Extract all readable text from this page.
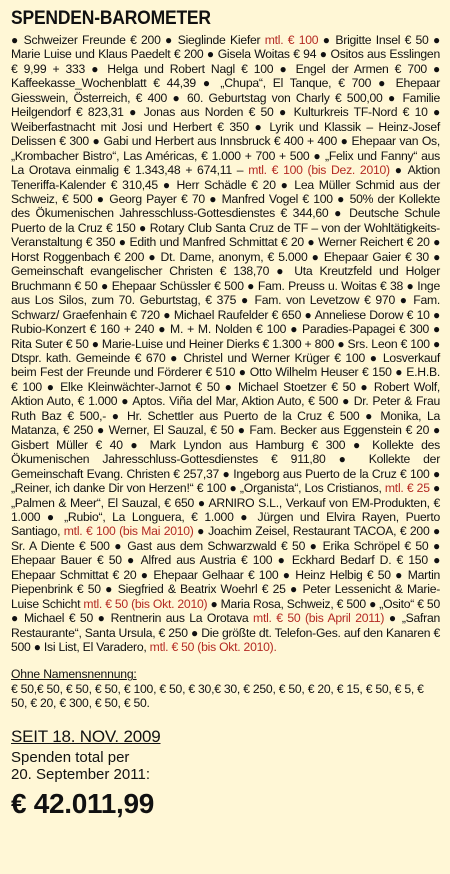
SPENDEN-BAROMETER
● Schweizer Freunde € 200 ● Sieglinde Kiefer mtl. € 100 ● Brigitte Insel € 50 ● Marie Luise und Klaus Paedelt € 200 ● Gisela Woitas € 94 ● Ositos aus Esslingen € 9,99 + 333 ● Helga und Robert Nagl € 100 ● Engel der Armen € 700 ● Kaffeekasse_Wochenblatt € 44,39 ● „Chupa“, El Tanque, € 700 ● Ehepaar Giesswein, Österreich, € 400 ● 60. Geburtstag von Charly € 500,00 ● Familie Heilgendorf € 823,31 ● Jonas aus Norden € 50 ● Kulturkreis TF-Nord € 10 ● Weiberfastnacht mit Josi und Herbert € 350 ● Lyrik und Klassik – Heinz-Josef Delissen € 300 ● Gabi und Herbert aus Innsbruck € 400 + 400 ● Ehepaar van Os, „Krombacher Bistro“, Las Américas, € 1.000 + 700 + 500 ● „Felix und Fanny“ aus La Orotava einmalig € 1.343,48 + 674,11 – mtl. € 100 (bis Dez. 2010) ● Aktion Teneriffa-Kalender € 310,45 ● Herr Schädle € 20 ● Lea Müller Schmid aus der Schweiz, € 500 ● Georg Payer € 70 ● Manfred Vogel € 100 ● 50% der Kollekte des Ökumenischen Jahresschluss-Gottesdienstes € 344,60 ● Deutsche Schule Puerto de la Cruz € 150 ● Rotary Club Santa Cruz de TF – von der Wohltätigkeits-Veranstaltung € 350 ● Edith und Manfred Schmittat € 20 ● Werner Reichert € 20 ● Horst Roggenbach € 200 ● Dt. Dame, anonym, € 5.000 ● Ehepaar Gaier € 30 ● Gemeinschaft evangelischer Christen € 138,70 ● Uta Kreutzfeld und Holger Bruchmann € 50 ● Ehepaar Schüssler € 500 ● Fam. Preuss u. Woitas € 38 ● Inge aus Los Silos, zum 70. Geburtstag, € 375 ● Fam. von Levetzow € 970 ● Fam. Schwarz/ Graefenhain € 720 ● Michael Raufelder € 650 ● Anneliese Dorow € 10 ● Rubio-Konzert € 160 + 240 ● M. + M. Nolden € 100 ● Paradies-Papagei € 300 ● Rita Suter € 50 ● Marie-Luise und Heiner Dierks € 1.300 + 800 ● Srs. Leon € 100 ● Dtspr. kath. Gemeinde € 670 ● Christel und Werner Krüger € 100 ● Losverkauf beim Fest der Freunde und Förderer € 510 ● Otto Wilhelm Heuser € 150 ● E.H.B. € 100 ● Elke Kleinwächter-Jarnot € 50 ● Michael Stoetzer € 50 ● Robert Wolf, Aktion Auto, € 1.000 ● Aptos. Viña del Mar, Aktion Auto, € 500 ● Dr. Peter & Frau Ruth Baz € 500,- ● Hr. Schettler aus Puerto de la Cruz € 500 ● Monika, La Matanza, € 250 ● Werner, El Sauzal, € 50 ● Fam. Becker aus Eggenstein € 20 ● Gisbert Müller € 40 ● Mark Lyndon aus Hamburg € 300 ● Kollekte des Ökumenischen Jahresschluss-Gottesdienstes € 911,80 ● Kollekte der Gemeinschaft Evang. Christen € 257,37 ● Ingeborg aus Puerto de la Cruz € 100 ● „Reiner, ich danke Dir von Herzen!“ € 100 ● „Organista“, Los Cristianos, mtl. € 25 ● „Palmen & Meer“, El Sauzal, € 650 ● ARNIRO S.L., Verkauf von EM-Produkten, € 1.000 ● „Rubio“, La Longuera, € 1.000 ● Jürgen und Elvira Rayen, Puerto Santiago, mtl. € 100 (bis Mai 2010) ● Joachim Zeisel, Restaurant TACOA, € 200 ● Sr. A Diente € 500 ● Gast aus dem Schwarzwald € 50 ● Erika Schröpel € 50 ● Ehepaar Bauer € 50 ● Alfred aus Austria € 100 ● Eckhard Bedarf D. € 150 ● Ehepaar Schmittat € 20 ● Ehepaar Gelhaar € 100 ● Heinz Helbig € 50 ● Martin Piepenbrink € 50 ● Siegfried & Beatrix Woehrl € 25 ● Peter Lessenicht & Marie-Luise Schicht mtl. € 50 (bis Okt. 2010) ● Maria Rosa, Schweiz, € 500 ● „Osito“ € 50 ● Michael € 50 ● Rentnerin aus La Orotava mtl. € 50 (bis April 2011) ● „Safran Restaurante“, Santa Ursula, € 250 ● Die größte dt. Telefon-Ges. auf den Kanaren € 500 ● Isi List, El Varadero, mtl. € 50 (bis Okt. 2010).
Ohne Namensnennung:
€ 50,€ 50, € 50, € 50, € 100, € 50, € 30,€ 30, € 250, € 50, € 20, € 15, € 50, € 5, € 50, € 20, € 300, € 50, € 50.
SEIT 18. NOV. 2009
Spenden total per
20. September 2011:
€ 42.011,99
